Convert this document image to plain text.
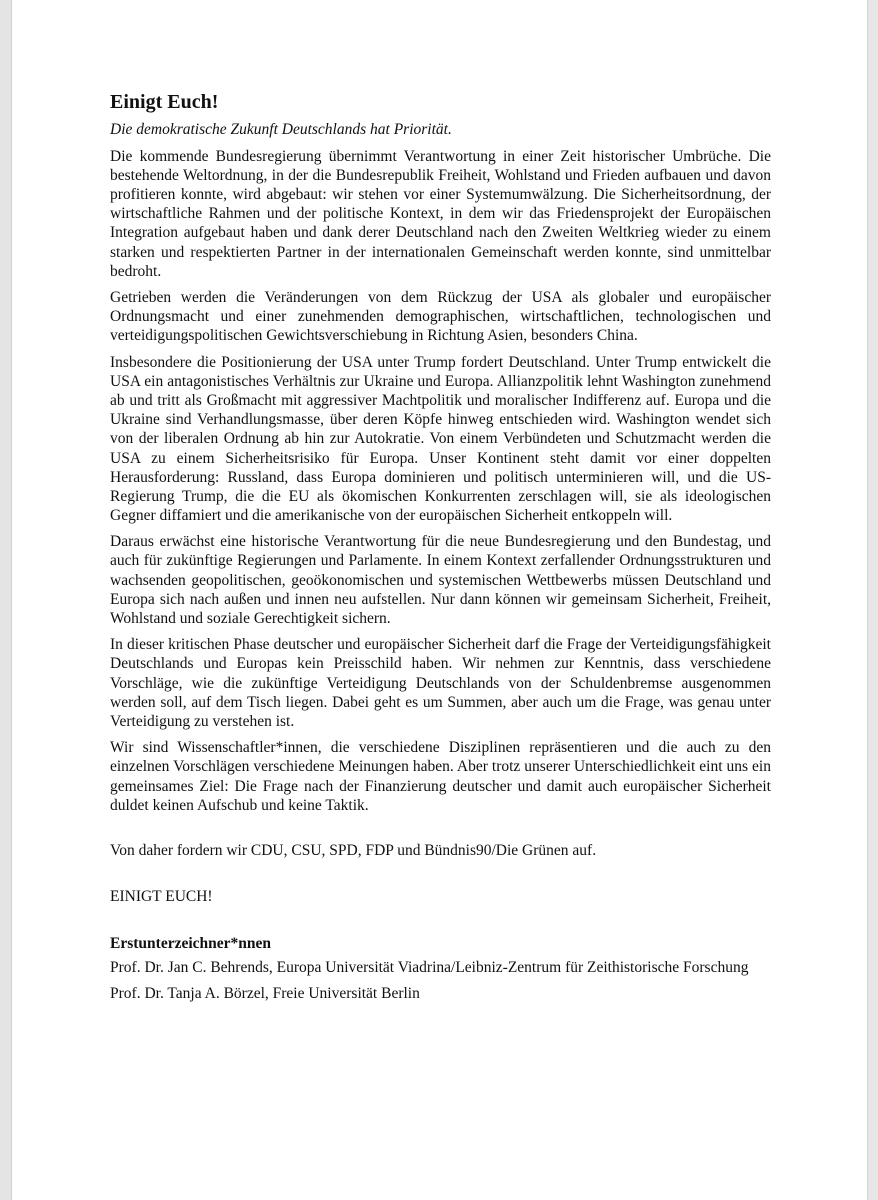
Einigt Euch!
Die demokratische Zukunft Deutschlands hat Priorität.

Die kommende Bundesregierung übernimmt Verantwortung in einer Zeit historischer Umbrüche. Die bestehende Weltordnung, in der die Bundesrepublik Freiheit, Wohlstand und Frieden aufbauen und davon profitieren konnte, wird abgebaut: wir stehen vor einer Systemumwälzung. Die Sicherheitsordnung, der wirtschaftliche Rahmen und der politische Kontext, in dem wir das Friedensprojekt der Europäischen Integration aufgebaut haben und dank derer Deutschland nach den Zweiten Weltkrieg wieder zu einem starken und respektierten Partner in der internationalen Gemeinschaft werden konnte, sind unmittelbar bedroht.

Getrieben werden die Veränderungen von dem Rückzug der USA als globaler und europäischer Ordnungsmacht und einer zunehmenden demographischen, wirtschaftlichen, technologischen und verteidigungspolitischen Gewichtsverschiebung in Richtung Asien, besonders China.

Insbesondere die Positionierung der USA unter Trump fordert Deutschland. Unter Trump entwickelt die USA ein antagonistisches Verhältnis zur Ukraine und Europa. Allianzpolitik lehnt Washington zunehmend ab und tritt als Großmacht mit aggressiver Machtpolitik und moralischer Indifferenz auf. Europa und die Ukraine sind Verhandlungsmasse, über deren Köpfe hinweg entschieden wird. Washington wendet sich von der liberalen Ordnung ab hin zur Autokratie. Von einem Verbündeten und Schutzmacht werden die USA zu einem Sicherheitsrisiko für Europa. Unser Kontinent steht damit vor einer doppelten Herausforderung: Russland, dass Europa dominieren und politisch unterminieren will, und die US-Regierung Trump, die die EU als ökomischen Konkurrenten zerschlagen will, sie als ideologischen Gegner diffamiert und die amerikanische von der europäischen Sicherheit entkoppeln will.

Daraus erwächst eine historische Verantwortung für die neue Bundesregierung und den Bundestag, und auch für zukünftige Regierungen und Parlamente. In einem Kontext zerfallender Ordnungsstrukturen und wachsenden geopolitischen, geoökonomischen und systemischen Wettbewerbs müssen Deutschland und Europa sich nach außen und innen neu aufstellen. Nur dann können wir gemeinsam Sicherheit, Freiheit, Wohlstand und soziale Gerechtigkeit sichern.

In dieser kritischen Phase deutscher und europäischer Sicherheit darf die Frage der Verteidigungsfähigkeit Deutschlands und Europas kein Preisschild haben. Wir nehmen zur Kenntnis, dass verschiedene Vorschläge, wie die zukünftige Verteidigung Deutschlands von der Schuldenbremse ausgenommen werden soll, auf dem Tisch liegen. Dabei geht es um Summen, aber auch um die Frage, was genau unter Verteidigung zu verstehen ist.

Wir sind Wissenschaftler*innen, die verschiedene Disziplinen repräsentieren und die auch zu den einzelnen Vorschlägen verschiedene Meinungen haben. Aber trotz unserer Unterschiedlichkeit eint uns ein gemeinsames Ziel: Die Frage nach der Finanzierung deutscher und damit auch europäischer Sicherheit duldet keinen Aufschub und keine Taktik.

Von daher fordern wir CDU, CSU, SPD, FDP und Bündnis90/Die Grünen auf.

EINIGT EUCH!

Erstunterzeichner*nnen
Prof. Dr. Jan C. Behrends, Europa Universität Viadrina/Leibniz-Zentrum für Zeithistorische Forschung
Prof. Dr. Tanja A. Börzel, Freie Universität Berlin
